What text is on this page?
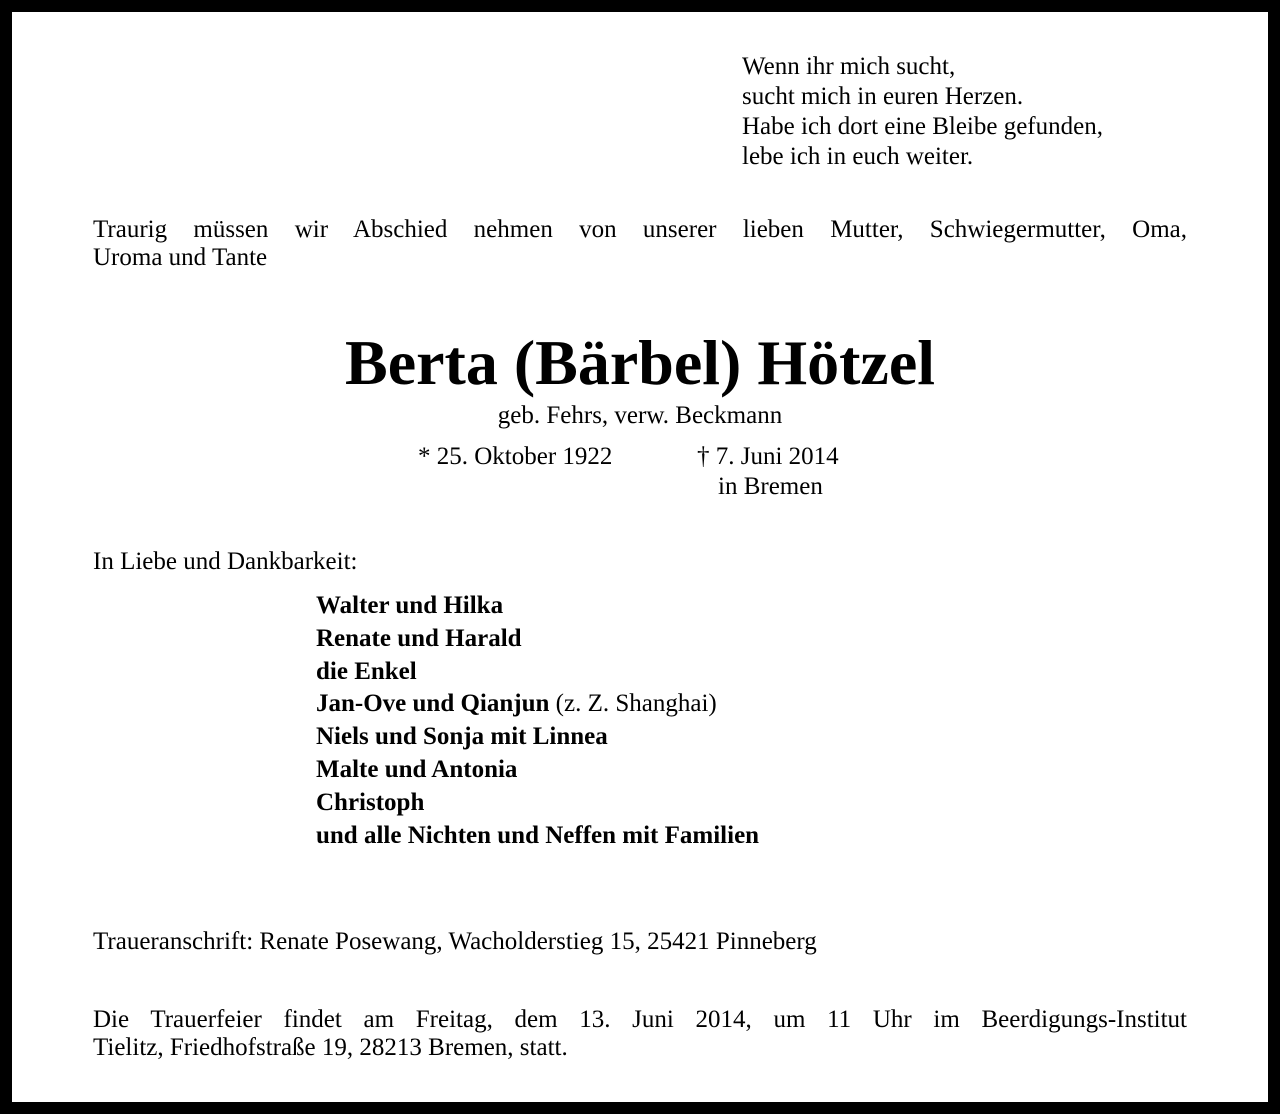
Wenn ihr mich sucht,
sucht mich in euren Herzen.
Habe ich dort eine Bleibe gefunden,
lebe ich in euch weiter.
Traurig müssen wir Abschied nehmen von unserer lieben Mutter, Schwiegermutter, Oma,
Uroma und Tante
Berta (Bärbel) Hötzel
geb. Fehrs, verw. Beckmann
* 25. Oktober 1922	† 7. Juni 2014
in Bremen
In Liebe und Dankbarkeit:
Walter und Hilka
Renate und Harald
die Enkel
Jan-Ove und Qianjun (z. Z. Shanghai)
Niels und Sonja mit Linnea
Malte und Antonia
Christoph
und alle Nichten und Neffen mit Familien
Traueranschrift: Renate Posewang, Wacholderstieg 15, 25421 Pinneberg
Die Trauerfeier findet am Freitag, dem 13. Juni 2014, um 11 Uhr im Beerdigungs-Institut
Tielitz, Friedhofstraße 19, 28213 Bremen, statt.
